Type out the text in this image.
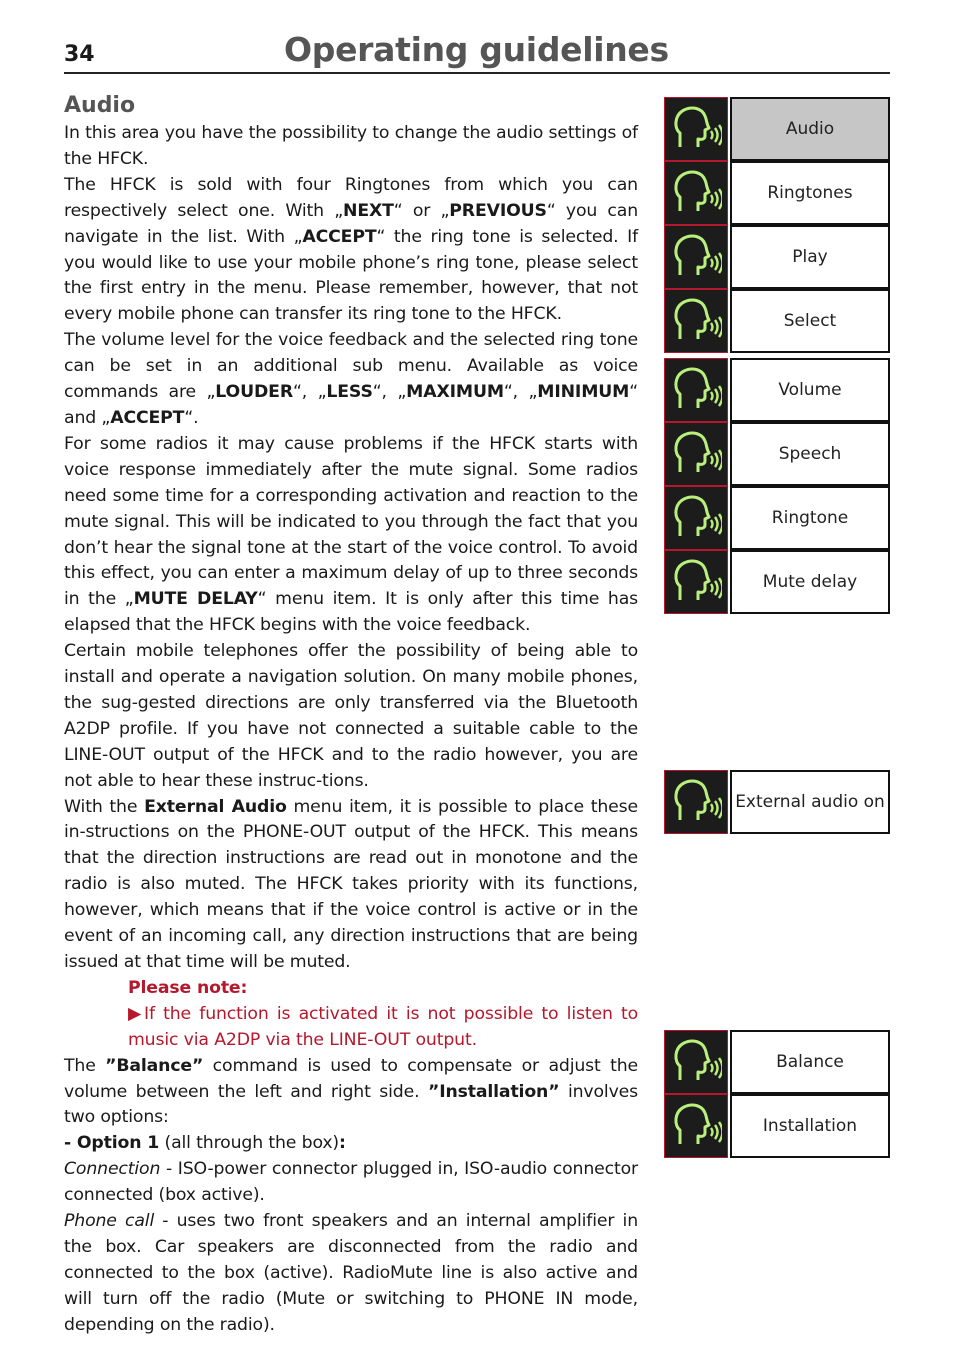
34	Operating guidelines
Audio

In this area you have the possibility to change the audio settings of the HFCK.

The HFCK is sold with four Ringtones from which you can respectively select one. With „NEXT“ or „PREVIOUS“ you can navigate in the list. With „ACCEPT“ the ring tone is selected. If you would like to use your mobile phone’s ring tone, please select the first entry in the menu. Please remember, however, that not every mobile phone can transfer its ring tone to the HFCK.

The volume level for the voice feedback and the selected ring tone can be set in an additional sub menu. Available as voice commands are „LOUDER“, „LESS“, „MAXIMUM“, „MINIMUM“ and „ACCEPT“.

For some radios it may cause problems if the HFCK starts with voice response immediately after the mute signal. Some radios need some time for a corresponding activation and reaction to the mute signal. This will be indicated to you through the fact that you don’t hear the signal tone at the start of the voice control. To avoid this effect, you can enter a maximum delay of up to three seconds in the „MUTE DELAY“ menu item. It is only after this time has elapsed that the HFCK begins with the voice feedback.

Certain mobile telephones offer the possibility of being able to install and operate a navigation solution. On many mobile phones, the sug-gested directions are only transferred via the Bluetooth A2DP profile. If you have not connected a suitable cable to the LINE-OUT output of the HFCK and to the radio however, you are not able to hear these instruc-tions.

With the External Audio menu item, it is possible to place these in-structions on the PHONE-OUT output of the HFCK. This means that the direction instructions are read out in monotone and the radio is also muted. The HFCK takes priority with its functions, however, which means that if the voice control is active or in the event of an incoming call, any direction instructions that are being issued at that time will be muted.

Please note:

▶If the function is activated it is not possible to listen to music via A2DP via the LINE-OUT output.

The ”Balance” command is used to compensate or adjust the volume between the left and right side. ”Installation” involves two options:

- Option 1 (all through the box):

Connection - ISO-power connector plugged in, ISO-audio connector connected (box active).

Phone call - uses two front speakers and an internal amplifier in the box. Car speakers are disconnected from the radio and connected to the box (active). RadioMute line is also active and will turn off the radio (Mute or switching to PHONE IN mode, depending on the radio).

Audio
Ringtones
Play
Select
Volume
Speech
Ringtone
Mute delay
External audio on
Balance
Installation
